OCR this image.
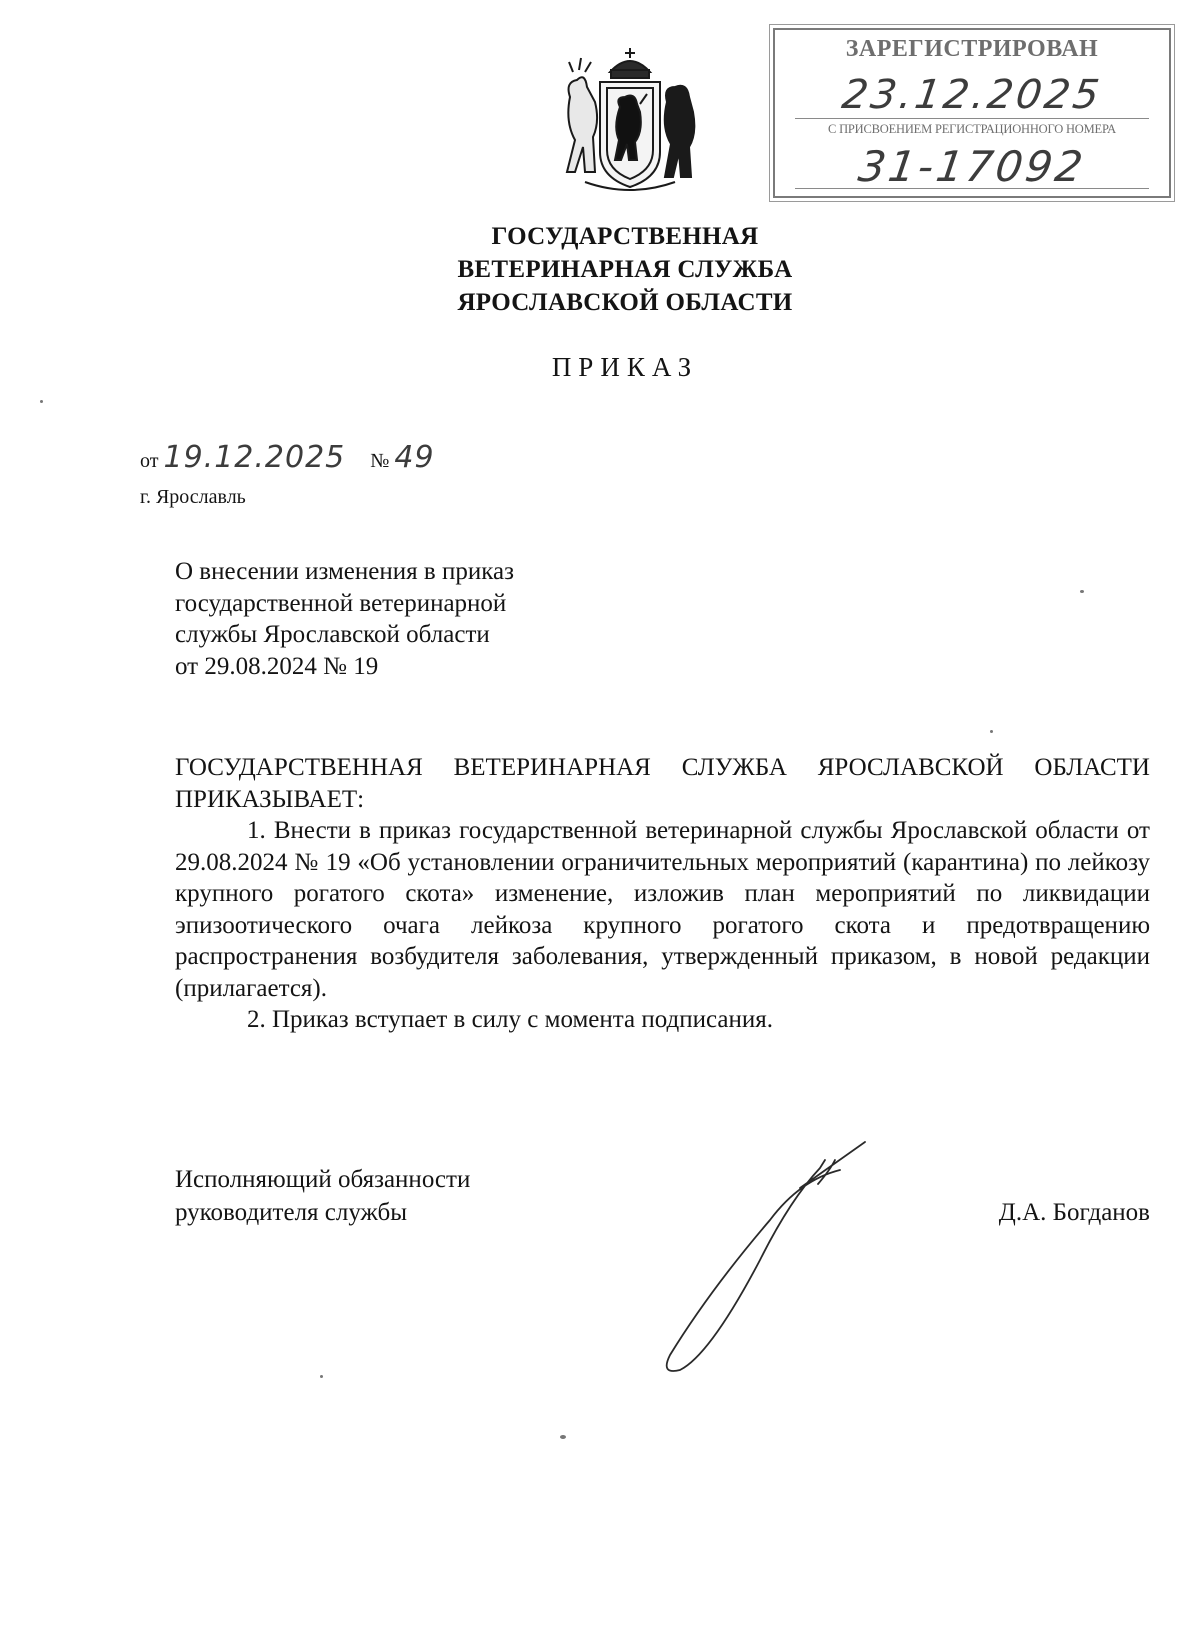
ЗАРЕГИСТРИРОВАН
23.12.2025
С ПРИСВОЕНИЕМ РЕГИСТРАЦИОННОГО НОМЕРА
31-17092
ГОСУДАРСТВЕННАЯ
ВЕТЕРИНАРНАЯ СЛУЖБА
ЯРОСЛАВСКОЙ ОБЛАСТИ
ПРИКАЗ
от 19.12.2025 № 49
г. Ярославль
О внесении изменения в приказ
государственной ветеринарной
службы Ярославской области
от 29.08.2024 № 19

ГОСУДАРСТВЕННАЯ ВЕТЕРИНАРНАЯ СЛУЖБА ЯРОСЛАВСКОЙ ОБЛАСТИ ПРИКАЗЫВАЕТ:

1. Внести в приказ государственной ветеринарной службы Ярославской области от 29.08.2024 № 19 «Об установлении ограничительных мероприятий (карантина) по лейкозу крупного рогатого скота» изменение, изложив план мероприятий по ликвидации эпизоотического очага лейкоза крупного рогатого скота и предотвращению распространения возбудителя заболевания, утвержденный приказом, в новой редакции (прилагается).

2. Приказ вступает в силу с момента подписания.

Исполняющий обязанности
руководителя службы	Д.А. Богданов
